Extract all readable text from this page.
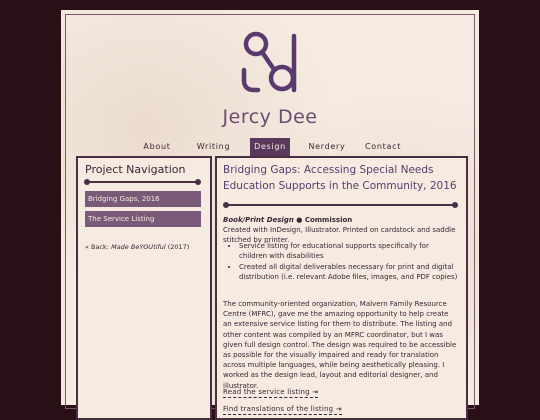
Jercy Dee
About	Writing	Design	Nerdery Contact
Project Navigation
Bridging Gaps, 2016
The Service Listing
« Back: Made BeYOUtiful (2017)
Bridging Gaps: Accessing Special Needs Education Supports in the Community, 2016
Book/Print Design ● Commission
Created with InDesign, Illustrator. Printed on cardstock and saddle stitched by printer.
• Service listing for educational supports specifically for children with disabilities
• Created all digital deliverables necessary for print and digital distribution (i.e. relevant Adobe files, images, and PDF copies)

The community-oriented organization, Malvern Family Resource Centre (MFRC), gave me the amazing opportunity to help create an extensive service listing for them to distribute. The listing and other content was compiled by an MFRC coordinator, but I was given full design control. The design was required to be accessible as possible for the visually impaired and ready for translation across multiple languages, while being aesthetically pleasing. I worked as the design lead, layout and editorial designer, and illustrator.

Read the service listing ⇥
Find translations of the listing ⇥
